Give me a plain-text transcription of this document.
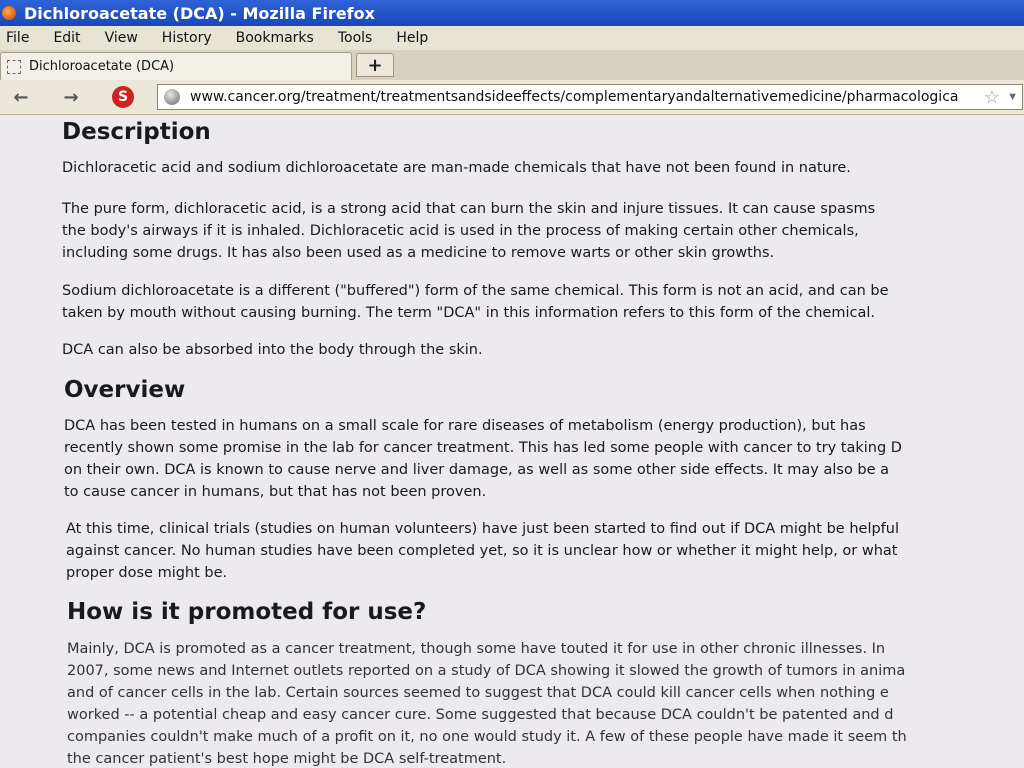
Dichloroacetate (DCA) - Mozilla Firefox
File Edit View History Bookmarks Tools Help
Dichloroacetate (DCA)	+
← →	S	www.cancer.org/treatment/treatmentsandsideeffects/complementaryandalternativemedicine/pharmacologica ☆ ▼
Description

Dichloracetic acid and sodium dichloroacetate are man-made chemicals that have not been found in nature.

The pure form, dichloracetic acid, is a strong acid that can burn the skin and injure tissues. It can cause spasms
the body's airways if it is inhaled. Dichloracetic acid is used in the process of making certain other chemicals,
including some drugs. It has also been used as a medicine to remove warts or other skin growths.

Sodium dichloroacetate is a different ("buffered") form of the same chemical. This form is not an acid, and can be
taken by mouth without causing burning. The term "DCA" in this information refers to this form of the chemical.

DCA can also be absorbed into the body through the skin.

Overview

DCA has been tested in humans on a small scale for rare diseases of metabolism (energy production), but has
recently shown some promise in the lab for cancer treatment. This has led some people with cancer to try taking D
on their own. DCA is known to cause nerve and liver damage, as well as some other side effects. It may also be a
to cause cancer in humans, but that has not been proven.

At this time, clinical trials (studies on human volunteers) have just been started to find out if DCA might be helpful
against cancer. No human studies have been completed yet, so it is unclear how or whether it might help, or what
proper dose might be.

How is it promoted for use?

Mainly, DCA is promoted as a cancer treatment, though some have touted it for use in other chronic illnesses. In
2007, some news and Internet outlets reported on a study of DCA showing it slowed the growth of tumors in anima
and of cancer cells in the lab. Certain sources seemed to suggest that DCA could kill cancer cells when nothing e
worked -- a potential cheap and easy cancer cure. Some suggested that because DCA couldn't be patented and d
companies couldn't make much of a profit on it, no one would study it. A few of these people have made it seem th
the cancer patient's best hope might be DCA self-treatment.
